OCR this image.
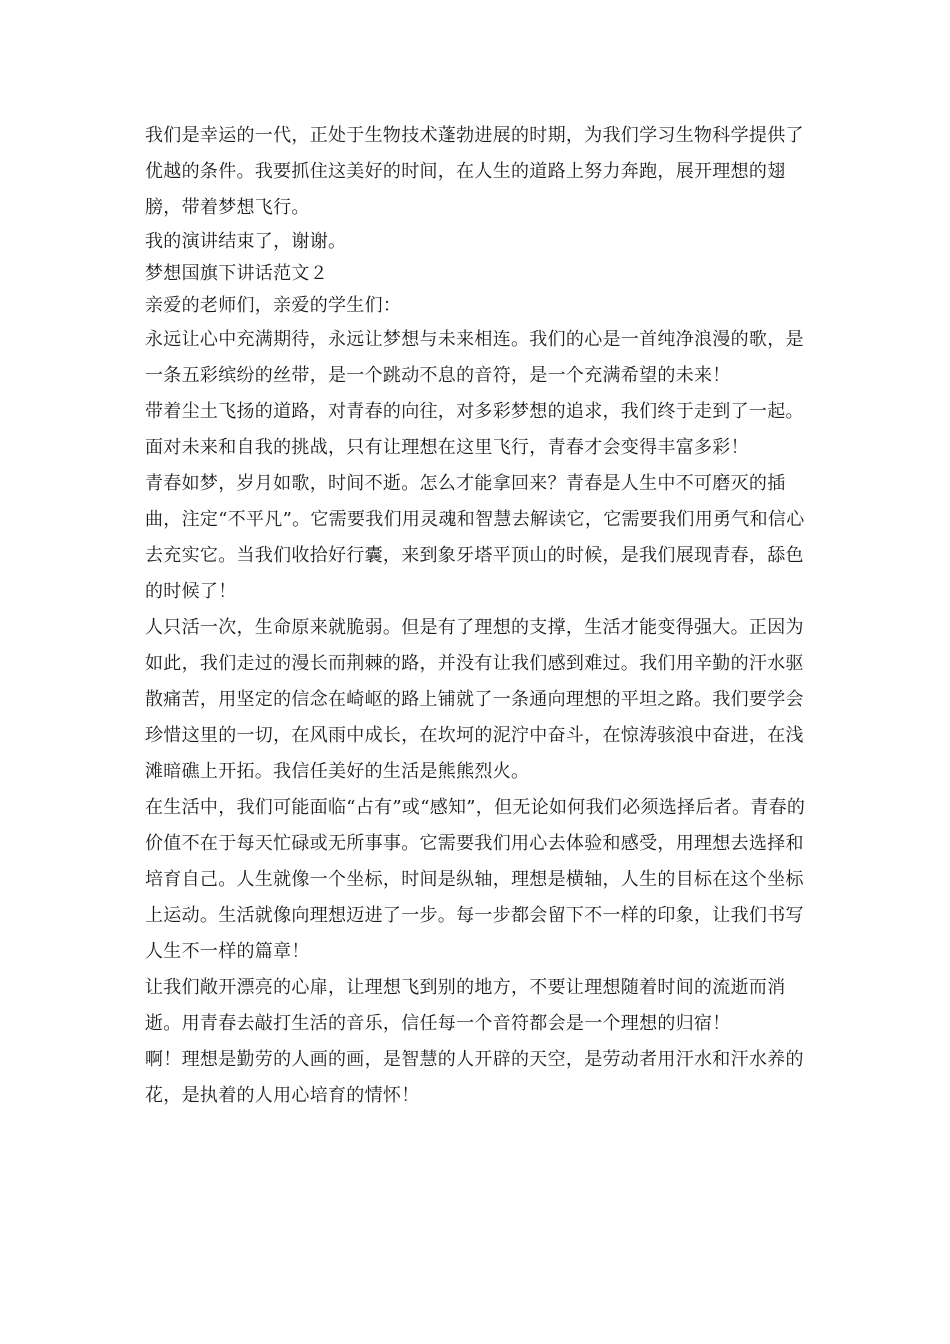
我们是幸运的一代，正处于生物技术蓬勃进展的时期，为我们学习生物科学提供了优越的条件。我要抓住这美好的时间，在人生的道路上努力奔跑，展开理想的翅膀，带着梦想飞行。

我的演讲结束了，谢谢。

梦想国旗下讲话范文２

亲爱的老师们，亲爱的学生们：

永远让心中充满期待，永远让梦想与未来相连。我们的心是一首纯净浪漫的歌，是一条五彩缤纷的丝带，是一个跳动不息的音符，是一个充满希望的未来！

带着尘土飞扬的道路，对青春的向往，对多彩梦想的追求，我们终于走到了一起。面对未来和自我的挑战，只有让理想在这里飞行，青春才会变得丰富多彩！

青春如梦，岁月如歌，时间不逝。怎么才能拿回来？青春是人生中不可磨灭的插曲，注定“不平凡”。它需要我们用灵魂和智慧去解读它，它需要我们用勇气和信心去充实它。当我们收拾好行囊，来到象牙塔平顶山的时候，是我们展现青春，舔色的时候了！

人只活一次，生命原来就脆弱。但是有了理想的支撑，生活才能变得强大。正因为如此，我们走过的漫长而荆棘的路，并没有让我们感到难过。我们用辛勤的汗水驱散痛苦，用坚定的信念在崎岖的路上铺就了一条通向理想的平坦之路。我们要学会珍惜这里的一切，在风雨中成长，在坎坷的泥泞中奋斗，在惊涛骇浪中奋进，在浅滩暗礁上开拓。我信任美好的生活是熊熊烈火。

在生活中，我们可能面临“占有”或“感知”，但无论如何我们必须选择后者。青春的价值不在于每天忙碌或无所事事。它需要我们用心去体验和感受，用理想去选择和培育自己。人生就像一个坐标，时间是纵轴，理想是横轴，人生的目标在这个坐标上运动。生活就像向理想迈进了一步。每一步都会留下不一样的印象，让我们书写人生不一样的篇章！

让我们敞开漂亮的心扉，让理想飞到别的地方，不要让理想随着时间的流逝而消逝。用青春去敲打生活的音乐，信任每一个音符都会是一个理想的归宿！

啊！理想是勤劳的人画的画，是智慧的人开辟的天空，是劳动者用汗水和汗水养的花，是执着的人用心培育的情怀！
